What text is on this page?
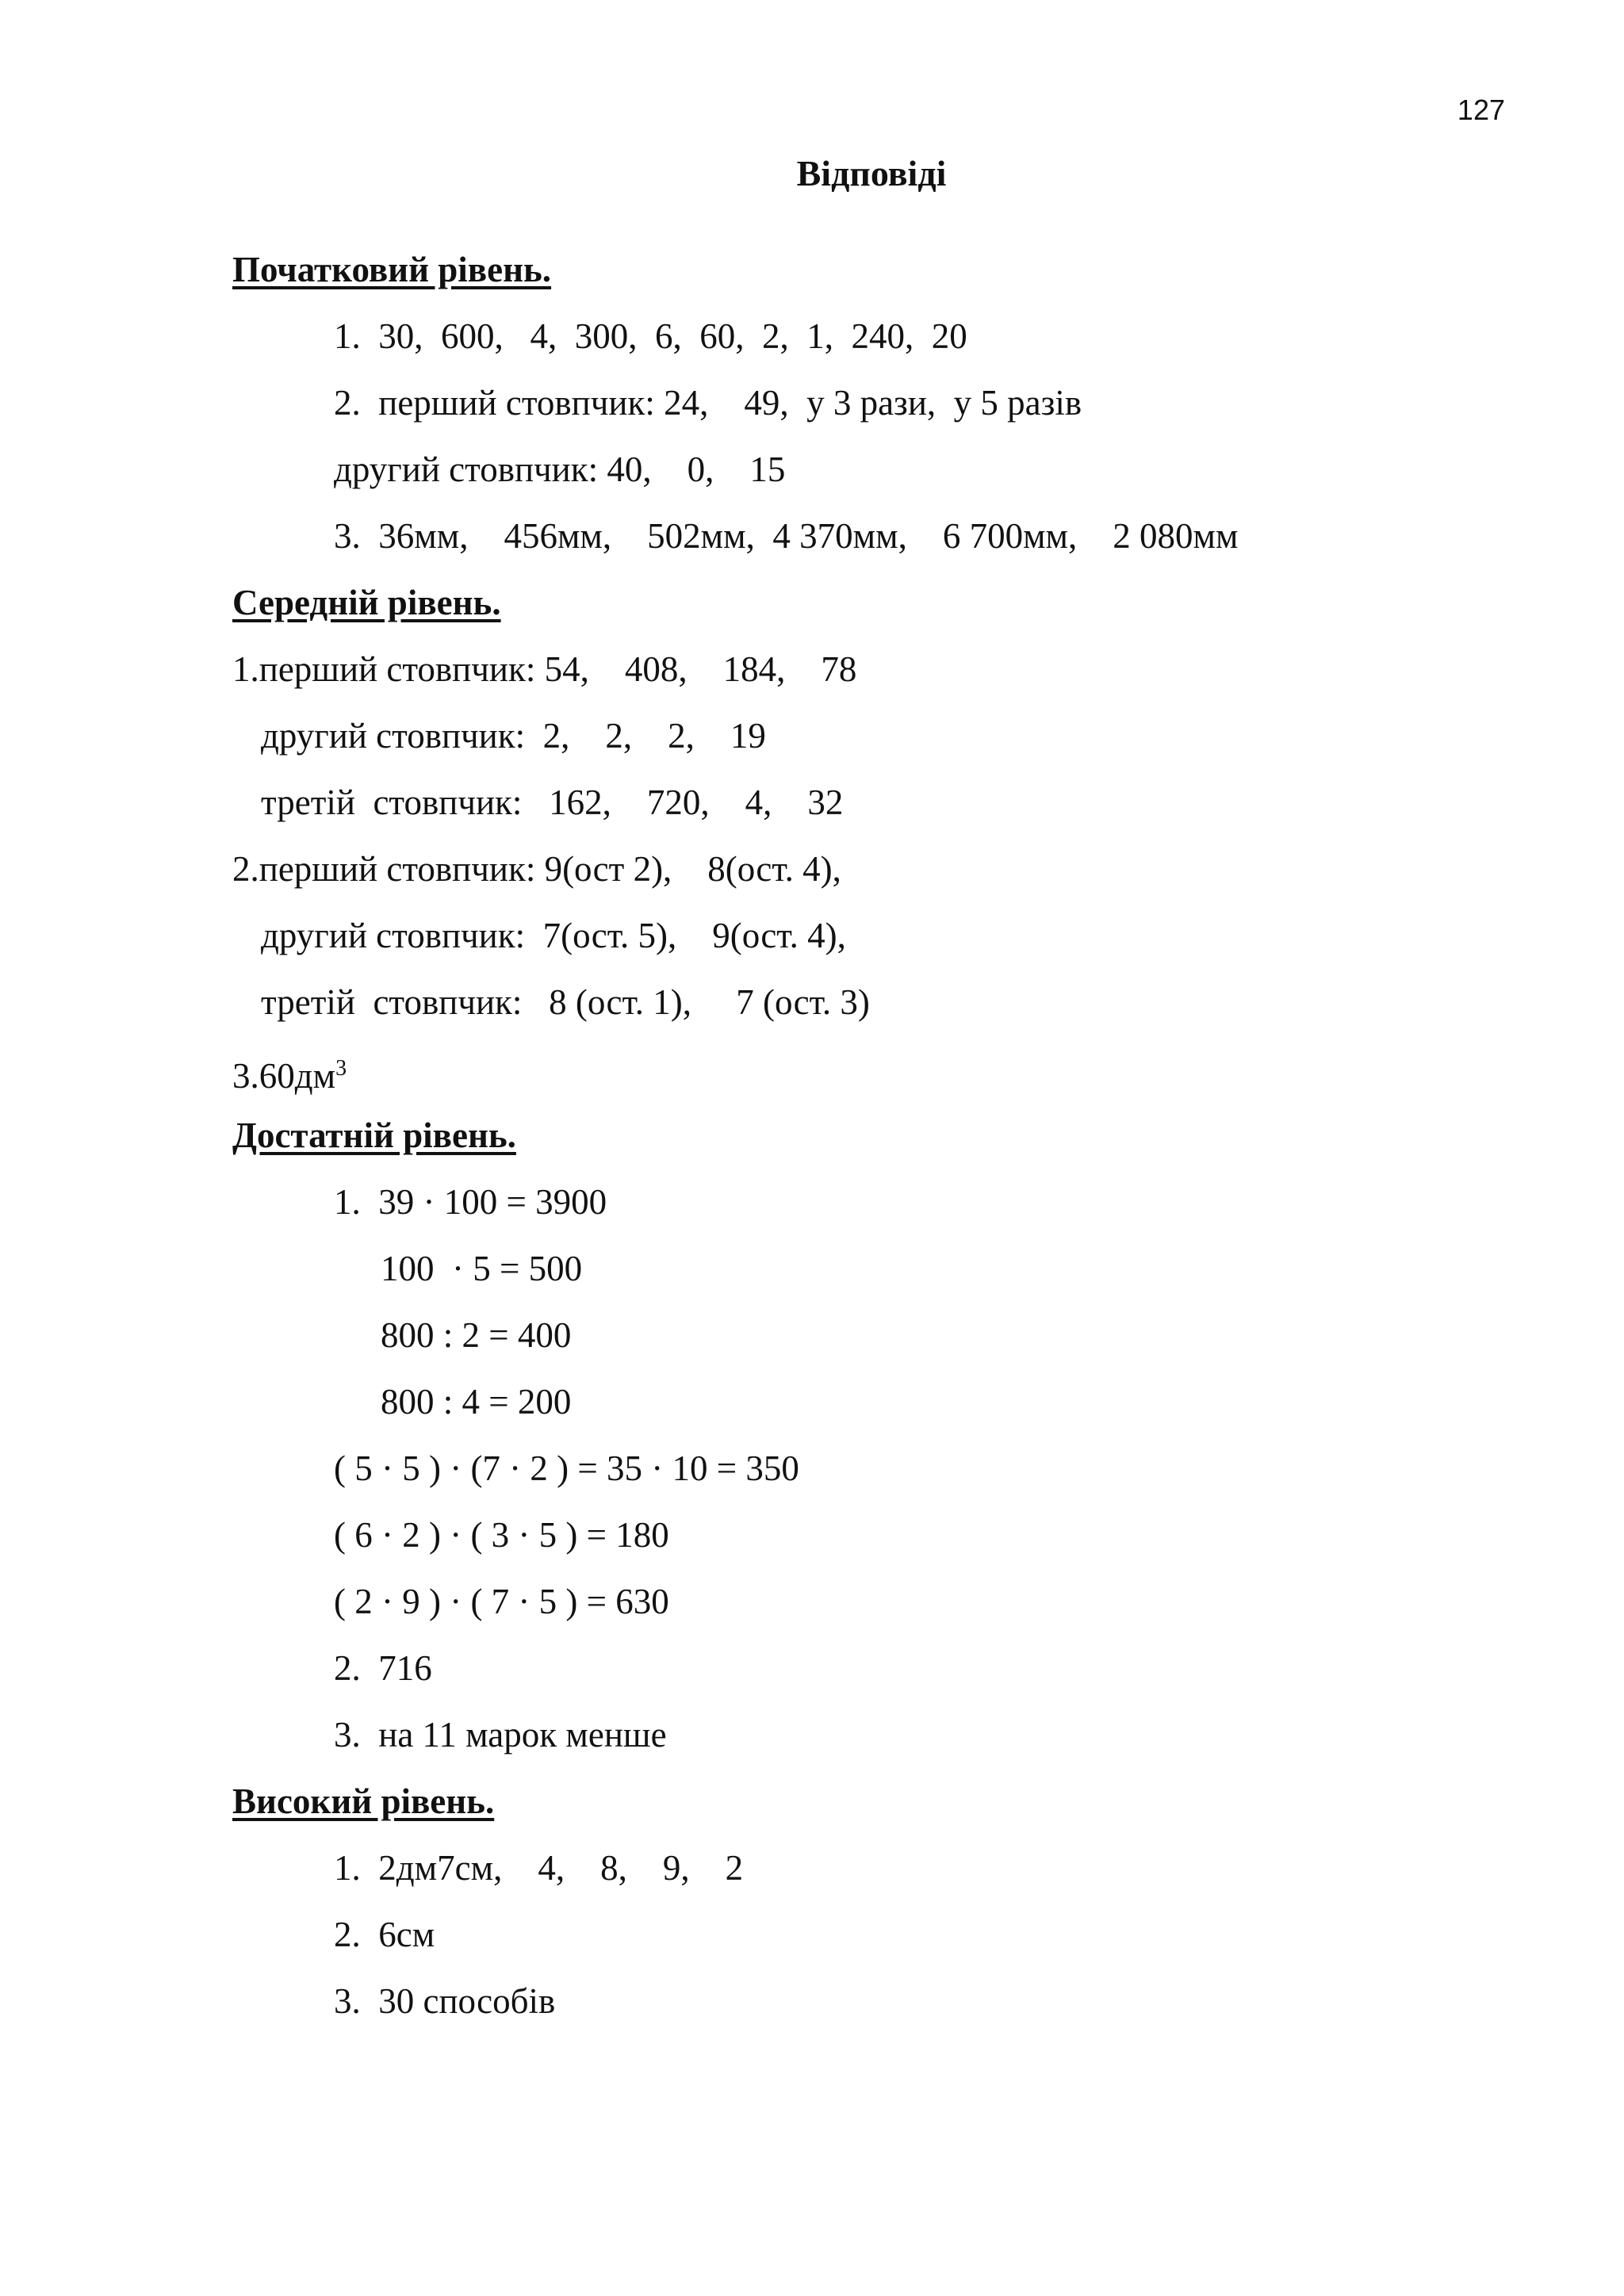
127
Відповіді
Початковий рівень.
1.  30,  600,   4,  300,  6,  60,  2,  1,  240,  20
2.  перший стовпчик: 24,    49,  у 3 рази,  у 5 разів
другий стовпчик: 40,    0,    15
3.  36мм,    456мм,    502мм,  4 370мм,    6 700мм,    2 080мм
Середній рівень.
1.перший стовпчик: 54,    408,    184,    78
другий стовпчик:  2,    2,    2,    19
третій  стовпчик:   162,    720,    4,    32
2.перший стовпчик: 9(ост 2),    8(ост. 4),
другий стовпчик:  7(ост. 5),    9(ост. 4),
третій  стовпчик:   8 (ост. 1),     7 (ост. 3)
$3.60дм^3$
Достатній рівень.
1.  39 · 100 = 3900
100  · 5 = 500
800 : 2 = 400
800 : 4 = 200
( 5 · 5 ) · (7 · 2 ) = 35 · 10 = 350
( 6 · 2 ) · ( 3 · 5 ) = 180
( 2 · 9 ) · ( 7 · 5 ) = 630
2.  716
3.  на 11 марок менше
Високий рівень.
1.  2дм7см,    4,    8,    9,    2
2.  6см
3.  30 способів
